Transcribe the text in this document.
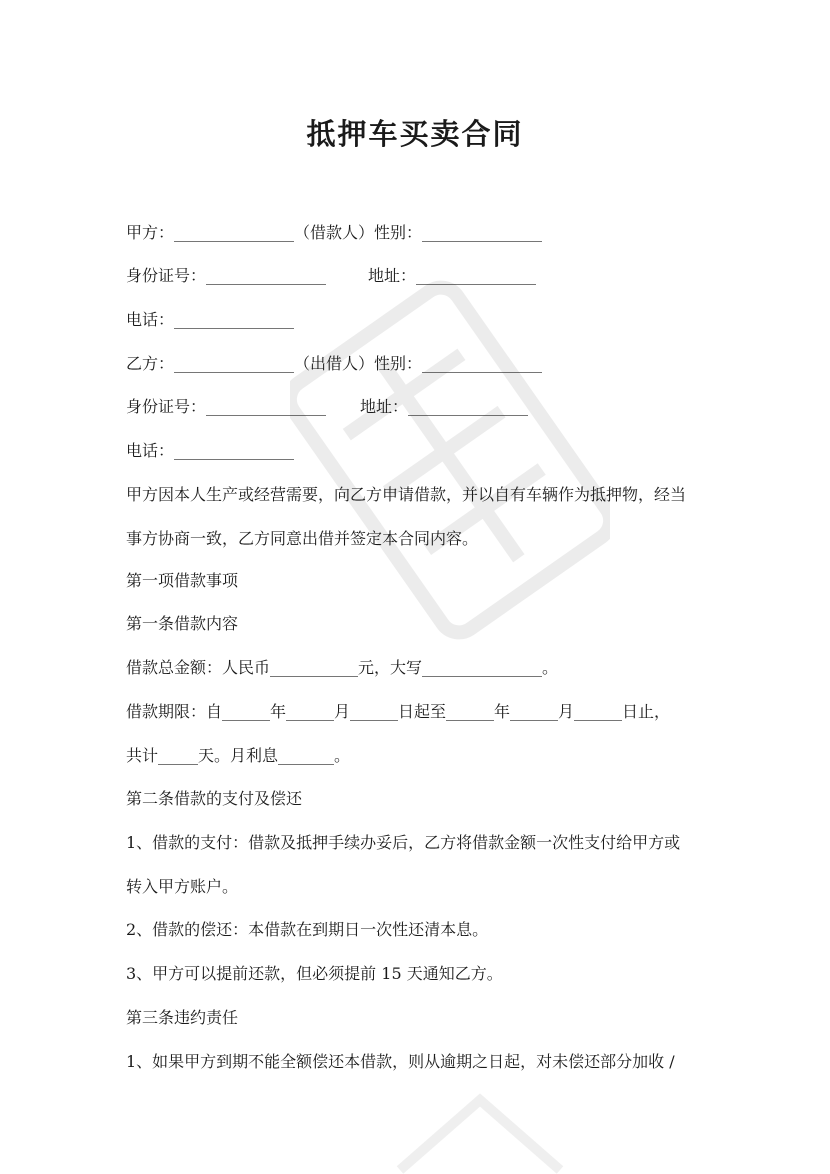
抵押车买卖合同

甲方：_______________（借款人）性别：_______________

身份证号：_______________	地址：_______________

电话：_______________

乙方：_______________（出借人）性别：_______________

身份证号：_______________ 地址：_______________

电话：_______________

甲方因本人生产或经营需要，向乙方申请借款，并以自有车辆作为抵押物，经当

事方协商一致，乙方同意出借并签定本合同内容。

第一项借款事项

第一条借款内容

借款总金额：人民币___________元，大写_______________。

借款期限：自______年______月______日起至______年______月______日止，

共计_____天。月利息_______。

第二条借款的支付及偿还

1、借款的支付：借款及抵押手续办妥后，乙方将借款金额一次性支付给甲方或

转入甲方账户。

2、借款的偿还：本借款在到期日一次性还清本息。

3、甲方可以提前还款，但必须提前 15 天通知乙方。

第三条违约责任

1、如果甲方到期不能全额偿还本借款，则从逾期之日起，对未偿还部分加收 /
